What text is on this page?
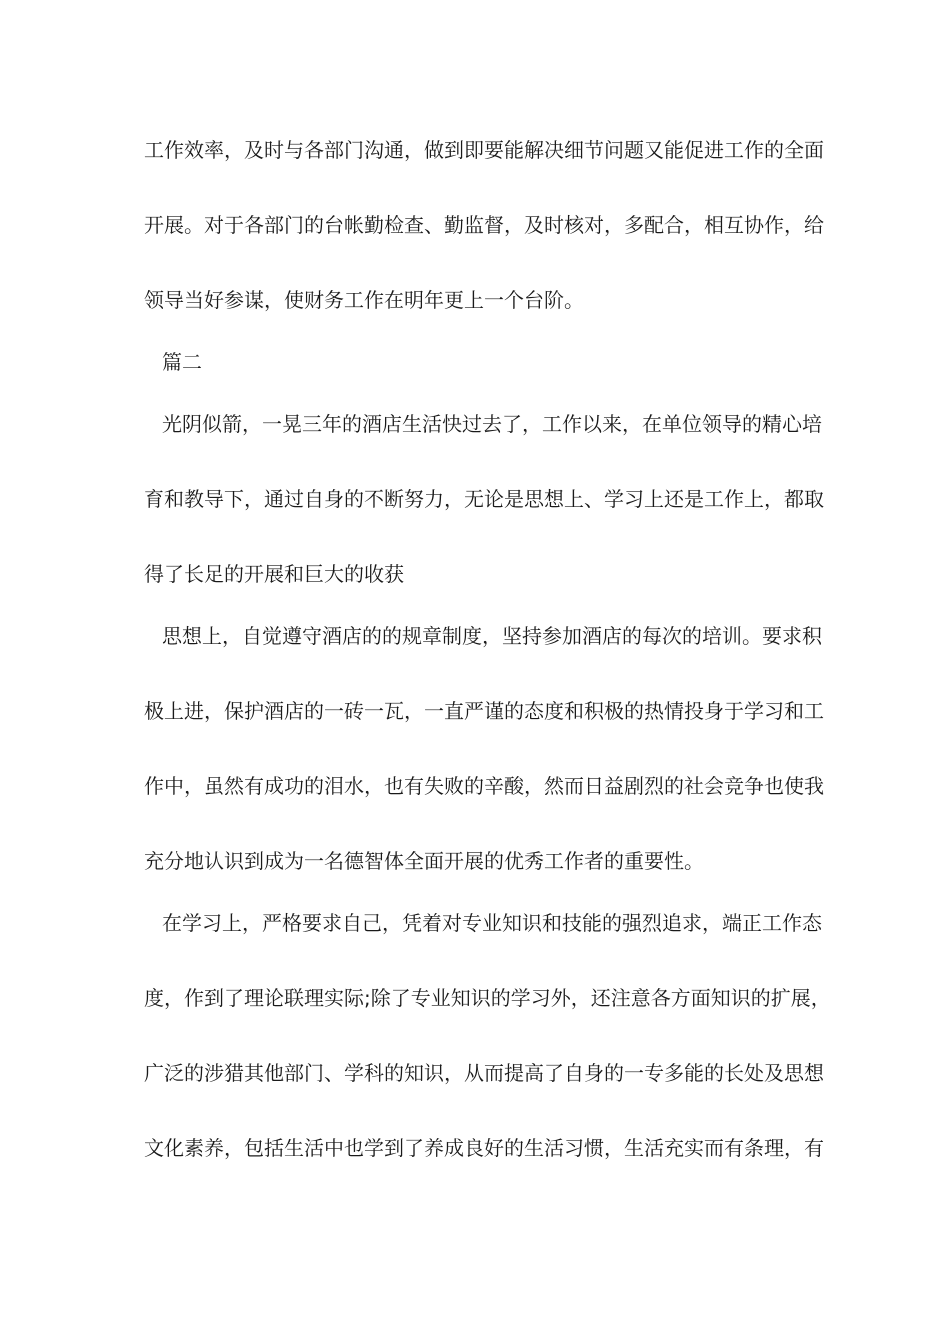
工作效率，及时与各部门沟通，做到即要能解决细节问题又能促进工作的全面
开展。对于各部门的台帐勤检查、勤监督，及时核对，多配合，相互协作，给
领导当好参谋，使财务工作在明年更上一个台阶。
篇二
光阴似箭，一晃三年的酒店生活快过去了，工作以来，在单位领导的精心培
育和教导下，通过自身的不断努力，无论是思想上、学习上还是工作上，都取
得了长足的开展和巨大的收获
思想上，自觉遵守酒店的的规章制度，坚持参加酒店的每次的培训。要求积
极上进，保护酒店的一砖一瓦，一直严谨的态度和积极的热情投身于学习和工
作中，虽然有成功的泪水，也有失败的辛酸，然而日益剧烈的社会竞争也使我
充分地认识到成为一名德智体全面开展的优秀工作者的重要性。
在学习上，严格要求自己，凭着对专业知识和技能的强烈追求，端正工作态
度，作到了理论联理实际;除了专业知识的学习外，还注意各方面知识的扩展，
广泛的涉猎其他部门、学科的知识，从而提高了自身的一专多能的长处及思想
文化素养，包括生活中也学到了养成良好的生活习惯，生活充实而有条理，有
